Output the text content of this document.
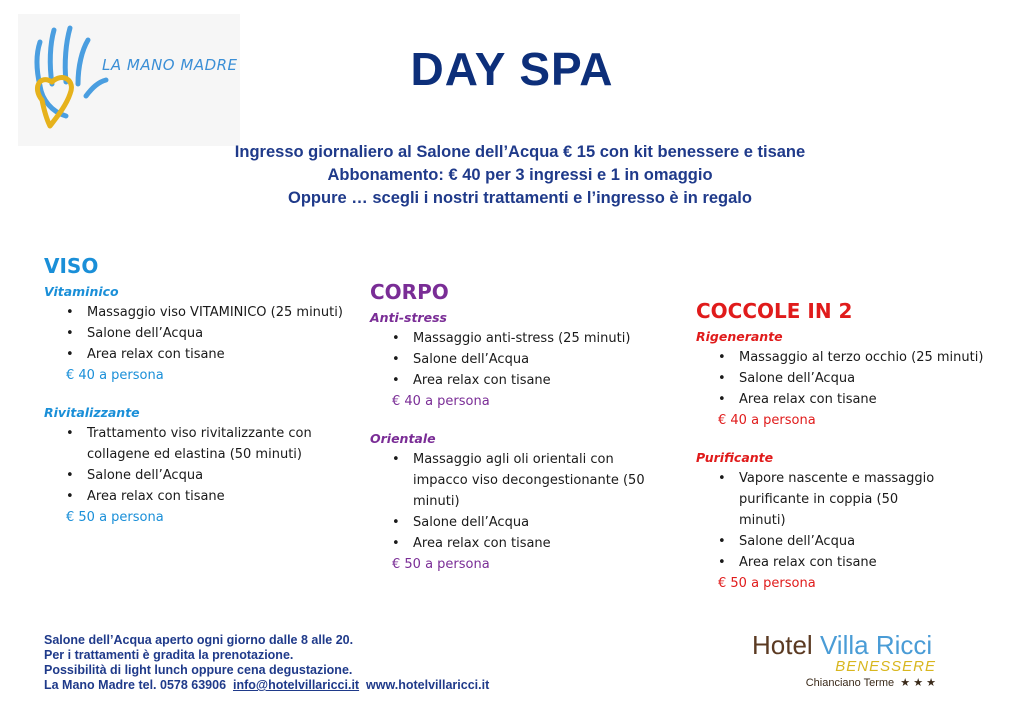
LA MANO MADRE	DAY SPA
Ingresso giornaliero al Salone dell’Acqua € 15 con kit benessere e tisane
Abbonamento: € 40 per 3 ingressi e 1 in omaggio
Oppure … scegli i nostri trattamenti e l’ingresso è in regalo
VISO
Vitaminico
• Massaggio viso VITAMINICO (25 minuti)
• Salone dell’Acqua
• Area relax con tisane
€ 40 a persona
Rivitalizzante
• Trattamento viso rivitalizzante con collagene ed elastina (50 minuti)
• Salone dell’Acqua
• Area relax con tisane
€ 50 a persona
CORPO
Anti-stress
• Massaggio anti-stress (25 minuti)
• Salone dell’Acqua
• Area relax con tisane
€ 40 a persona
Orientale
• Massaggio agli oli orientali con impacco viso decongestionante (50 minuti)
• Salone dell’Acqua
• Area relax con tisane
€ 50 a persona
COCCOLE IN 2
Rigenerante
• Massaggio al terzo occhio (25 minuti)
• Salone dell’Acqua
• Area relax con tisane
€ 40 a persona
Purificante
• Vapore nascente e massaggio purificante in coppia (50 minuti)
• Salone dell’Acqua
• Area relax con tisane
€ 50 a persona
Salone dell’Acqua aperto ogni giorno dalle 8 alle 20.
Per i trattamenti è gradita la prenotazione.
Possibilità di light lunch oppure cena degustazione.
La Mano Madre tel. 0578 63906 info@hotelvillaricci.it www.hotelvillaricci.it
Hotel Villa Ricci
BENESSERE
Chianciano Terme ★ ★ ★
